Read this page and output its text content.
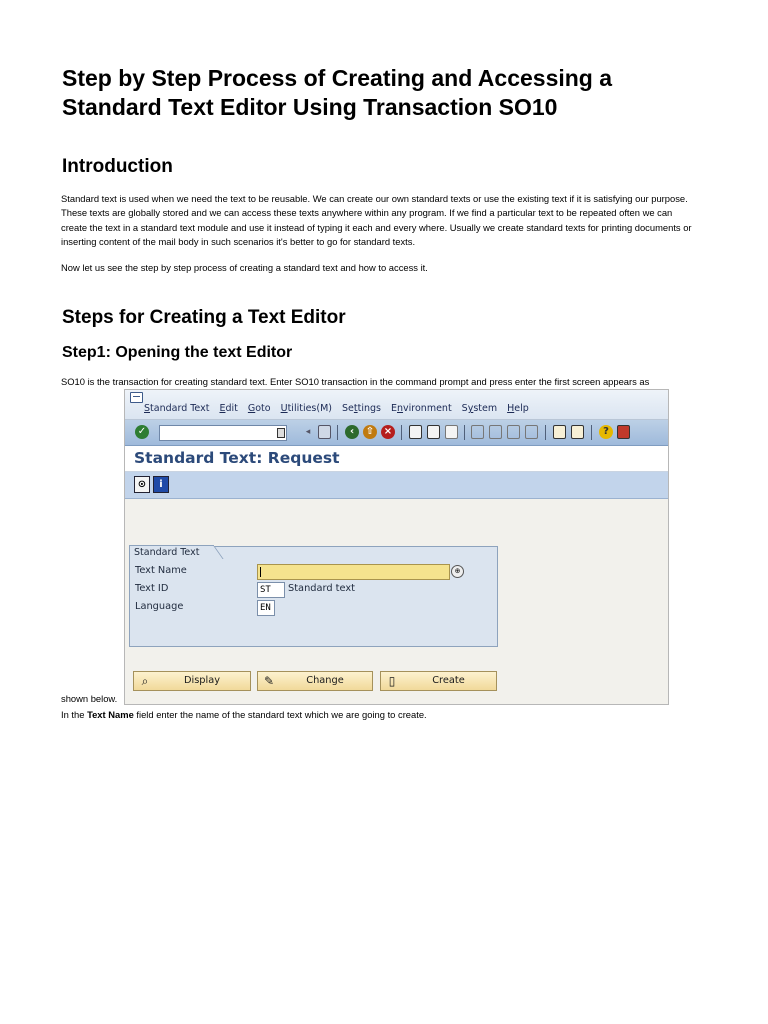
Step by Step Process of Creating and Accessing a Standard Text Editor Using Transaction SO10
Introduction

Standard text is used when we need the text to be reusable. We can create our own standard texts or use the existing text if it is satisfying our purpose. These texts are globally stored and we can access these texts anywhere within any program. If we find a particular text to be repeated often we can create the text in a standard text module and use it instead of typing it each and every where. Usually we create standard texts for printing documents or inserting content of the mail body in such scenarios it's better to go for standard texts.

Now let us see the step by step process of creating a standard text and how to access it.

Steps for Creating a Text Editor
Step1: Opening the text Editor

SO10 is the transaction for creating standard text. Enter SO10 transaction in the command prompt and press enter the first screen appears as

Standard Text Edit Goto Utilities(M) Settings Environment System Help
✓	◂	‹	⇧ ×	?
Standard Text: Request
⊙	i
Standard Text
Text Name	⊕
Text ID	ST	Standard text
Language	EN
⌕	Display	✎	Change	▯	Create

shown below.

In the Text Name field enter the name of the standard text which we are going to create.
